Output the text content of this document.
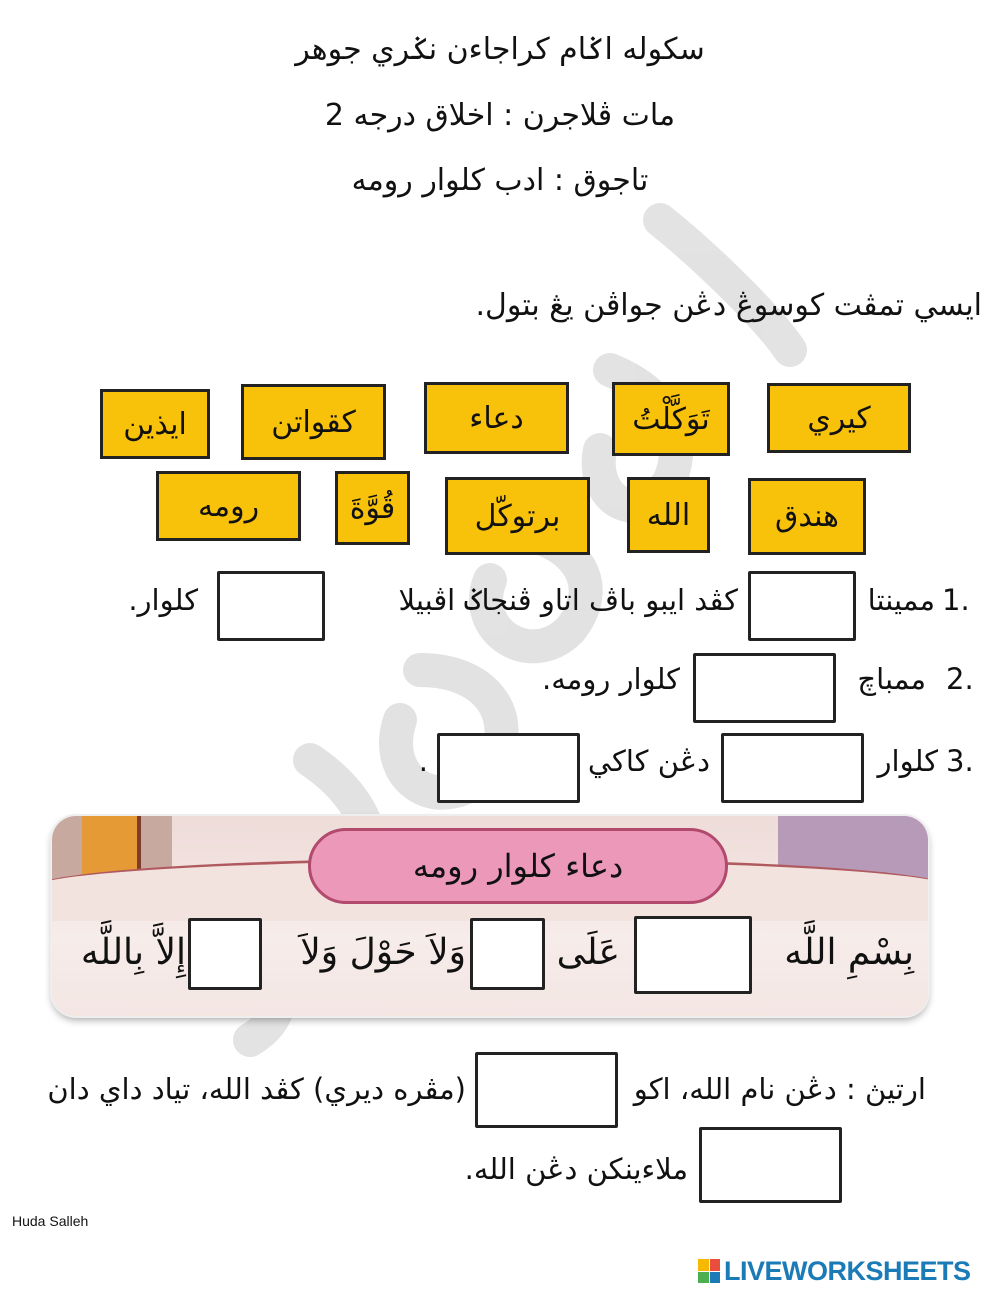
سکوله اݢام کراجاءن نݢري جوهر
مات ڤلاجرن : اخلاق درجه 2
تاجوق : ادب کلوار رومه
ايسي تمڤت کوسوڠ دڠن جواڤن يڠ بتول.
ايذين	کقواتن	دعاء	تَوَكَّلْتُ	کيري
رومه	قُوَّةَ	برتوکّل	الله	هندق
1.
ممينتا
کڤد ايبو باڤ اتاو ڤنجاݢ اڤبيلا
کلوار.
2.
ممباچ
کلوار رومه.
3.
کلوار
دڠن کاکي
.
دعاء کلوار رومه
بِسْمِ اللَّه
عَلَى
وَلاَ حَوْلَ وَلاَ
إِلاَّ بِاللَّه
ارتيڽ : دڠن نام الله، اکو
(مڤره ديري) کڤد الله، تياد داي دان
ملاءينکن دڠن الله.
Huda Salleh
LIVEWORKSHEETS
